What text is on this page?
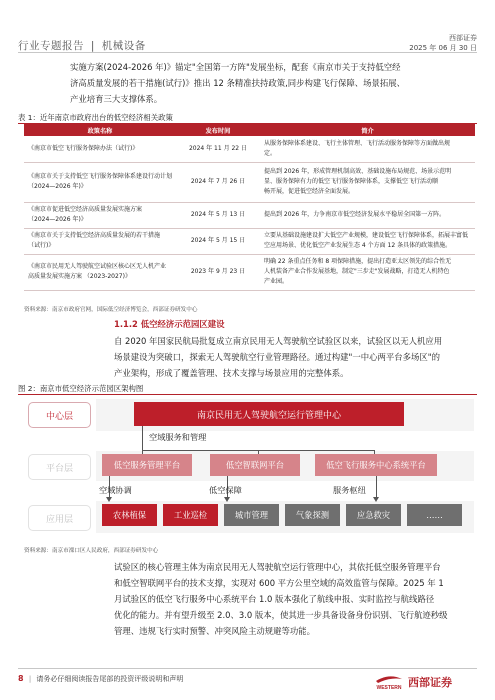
行业专题报告 | 机械设备
西部证券
2025 年 06 月 30 日

实施方案(2024-2026 年)》锚定"全国第一方阵"发展坐标，配套《南京市关于支持低空经

济高质量发展的若干措施(试行)》推出 12 条精准扶持政策,同步构建飞行保障、场景拓展、

产业培育三大支撑体系。

表 1：近年南京市政府出台的低空经济相关政策
政策名称	发布时间	简介
《南京市低空飞行服务保障办法（试行)》	2024 年 11 月 22 日	从服务保障体系建设、飞行主体管理、飞行活动服务保障等方面做出规
定。
《南京市关于支持低空飞行服务保障体系建设行动计划
（2024—2026 年)》	2024 年 7 月 26 日	提出到 2026 年，形成管理机制高效、基础设施布局规范、场景示范明
显、服务保障有力的低空飞行服务保障体系，支撑低空飞行活动顺
畅开展，促进低空经济全面发展。
《南京市促进低空经济高质量发展实施方案
（2024—2026 年)》	2024 年 5 月 13 日	提出到 2026 年，力争南京市低空经济发展水平稳居全国第一方阵。
《南京市关于支持低空经济高质量发展的若干措施
（试行)》	2024 年 5 月 15 日	立要从基础设施建设扩大低空产业规模，建设低空飞行保障体系，拓展丰富低
空应用场景、优化低空产业发展生态 4 个方面 12 条具体的政策措施。
《南京市民用无人驾驶航空试验区核心区无人机产业
高质量发展实施方案 （2023-2027)》	2023 年 9 月 23 日	明确 22 条重点任务和 8 项保障措施，提出打造亚太区领先的综合性无
人机装备产业合作发展基地，制定"三步走"发展战略，打造无人机特色
产业园。
资料来源：南京市政府官网，国际低空经济博览会，西部证券研发中心
1.1.2 低空经济示范园区建设

自 2020 年国家民航局批复成立南京民用无人驾驶航空试验区以来，试验区以无人机应用

场景建设为突破口，探索无人驾驶航空行业管理路径。通过构建"一中心两平台多场区"的

产业架构，形成了覆盖管理、技术支撑与场景应用的完整体系。

图 2：南京市低空经济示范园区架构图
中心层
平台层
应用层
南京民用无人驾驶航空运行管理中心
空域服务和管理
低空服务管理平台	低空智联网平台	低空飞行服务中心系统平台
空域协调	低空保障	服务枢纽
农林植保	工业巡检	城市管理	气象探测	应急救灾	……
资料来源：南京市溧口区人民政府，西部证券研发中心

试验区的核心管理主体为南京民用无人驾驶航空运行管理中心，其依托低空服务管理平台

和低空智联网平台的技术支撑，实现对 600 平方公里空域的高效监管与保障。2025 年 1

月试验区的低空飞行服务中心系统平台 1.0 版本强化了航线申报、实时监控与航线路径

优化的能力。并有望升级至 2.0、3.0 版本，使其进一步具备设备身份识别、飞行航迹秒级

管理、违规飞行实时预警、冲突风险主动规避等功能。

8 | 请务必仔细阅读报告尾部的投资评级说明和声明
WESTERN 西部证券
